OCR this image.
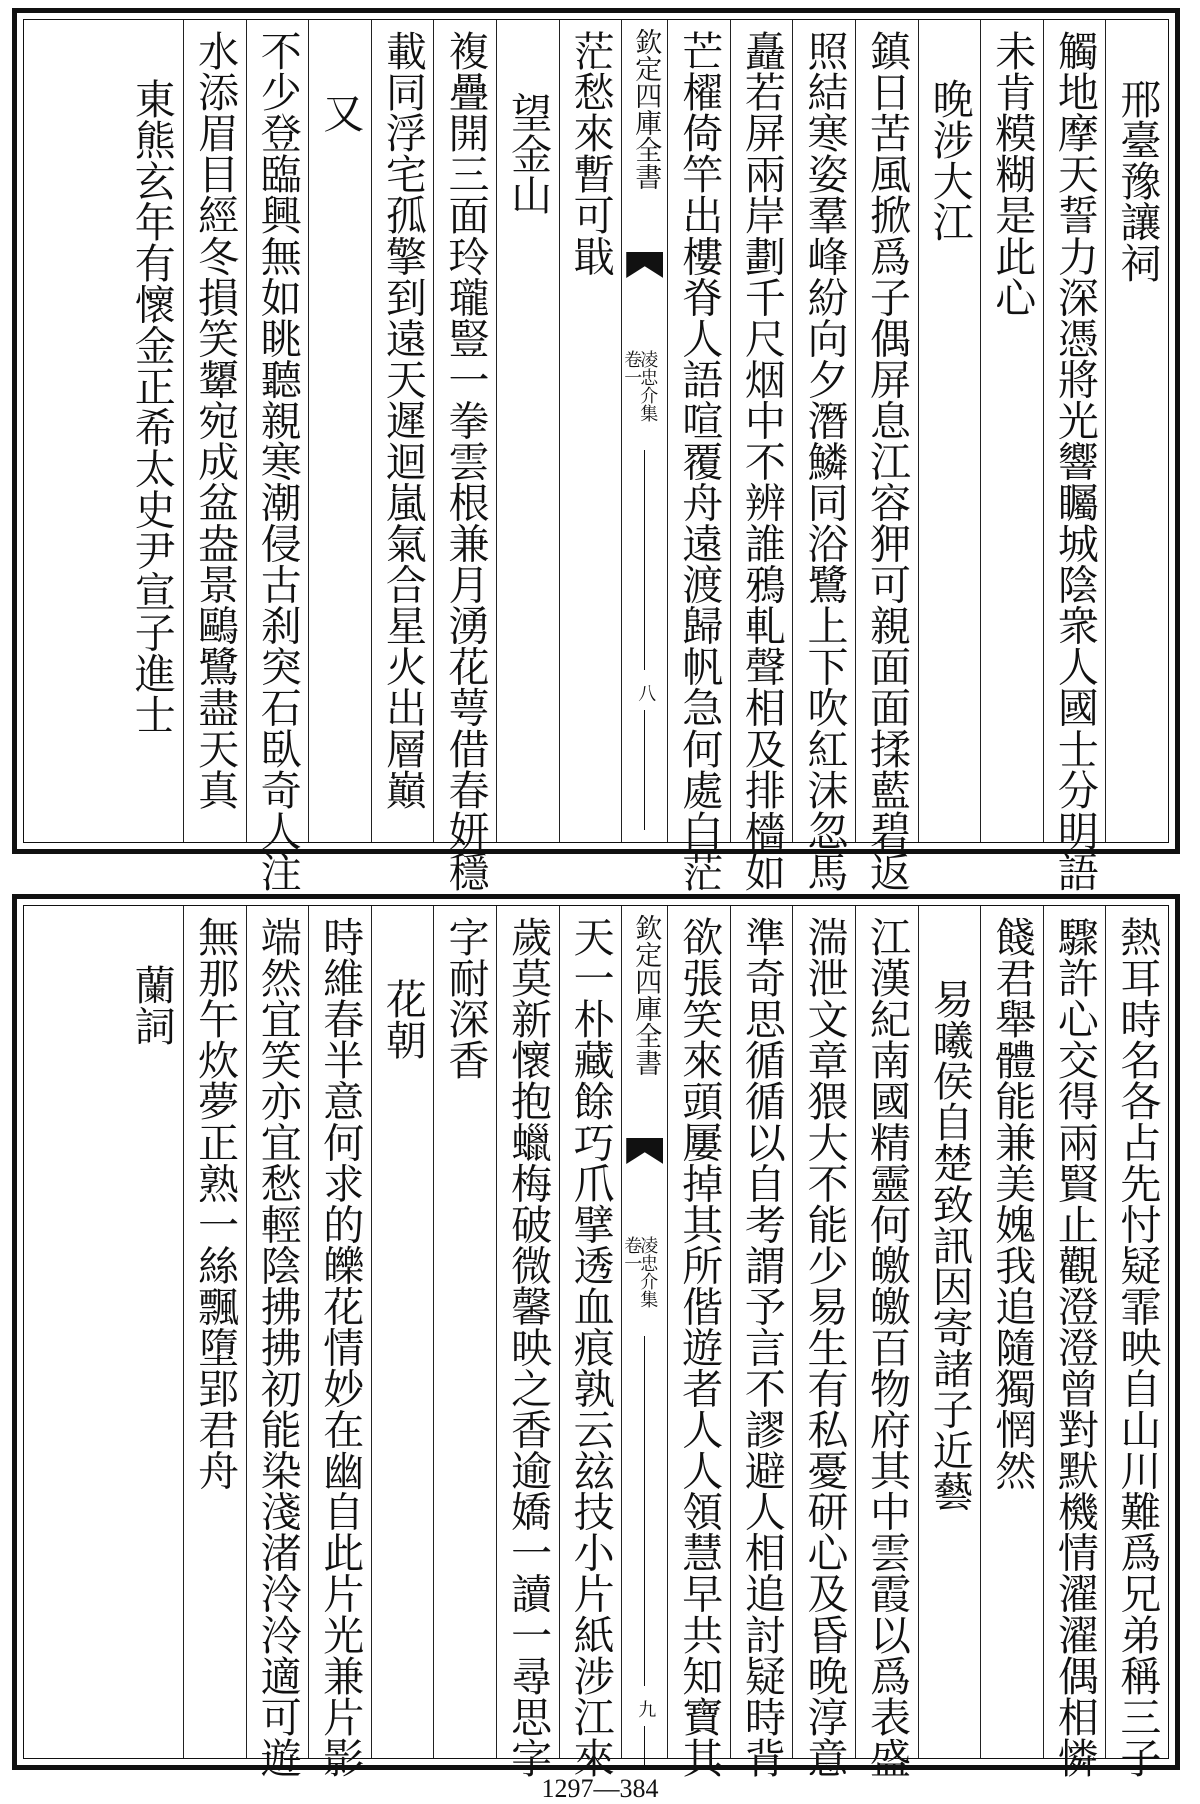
邢臺豫讓祠
觸地摩天誓力深憑將光響矚城陰衆人國士分明語
未肯糢糊是此心
晚涉大江
鎮日苦風掀爲子偶屏息江容狎可親面面揉藍碧返
照結寒姿羣峰紛向夕潛鱗同浴鷺上下吹紅沫忽馬
矗若屏兩岸劃千尺烟中不辨誰鴉軋聲相及排檣如
芒櫂倚竿出樓脊人語喧覆舟遠渡歸帆急何處白茫
欽定四庫全書
凌忠介集
卷一
八
茫愁來暫可戢
望金山
複疊開三面玲瓏豎一拳雲根兼月湧花萼借春妍穩
載同浮宅孤擎到遠天遲迴嵐氣合星火出層巔
又
不少登臨興無如眺聽親寒潮侵古刹突石臥奇人注
水添眉目經冬損笑顰宛成盆盎景鷗鷺盡天真
東熊玄年有懷金正希太史尹宣子進士
熱耳時名各占先忖疑霏映自山川難爲兄弟稱三子
驟許心交得兩賢止觀澄澄曾對默機情濯濯偶相憐
餞君舉體能兼美媿我追隨獨惘然
易曦侯自楚致訊因寄諸子近藝
江漢紀南國精靈何皦皦百物府其中雲霞以爲表盛
湍泄文章猥大不能少易生有私憂研心及昏晚淳意
準奇思循循以自考謂予言不謬避人相追討疑時背
欲張笑來頭屢掉其所偕遊者人人領慧早共知寶其
欽定四庫全書
凌忠介集
卷一
九
天一朴藏餘巧爪擘透血痕孰云玆技小片紙涉江來
歲莫新懷抱蠟梅破微馨映之香逾嬌一讀一尋思字
字耐深香
花朝
時維春半意何求的皪花情妙在幽自此片光兼片影
端然宜笑亦宜愁輕陰拂拂初能染淺渚泠泠適可遊
無那午炊夢正熟一絲飄墮郢君舟
蘭詞
1297—384
